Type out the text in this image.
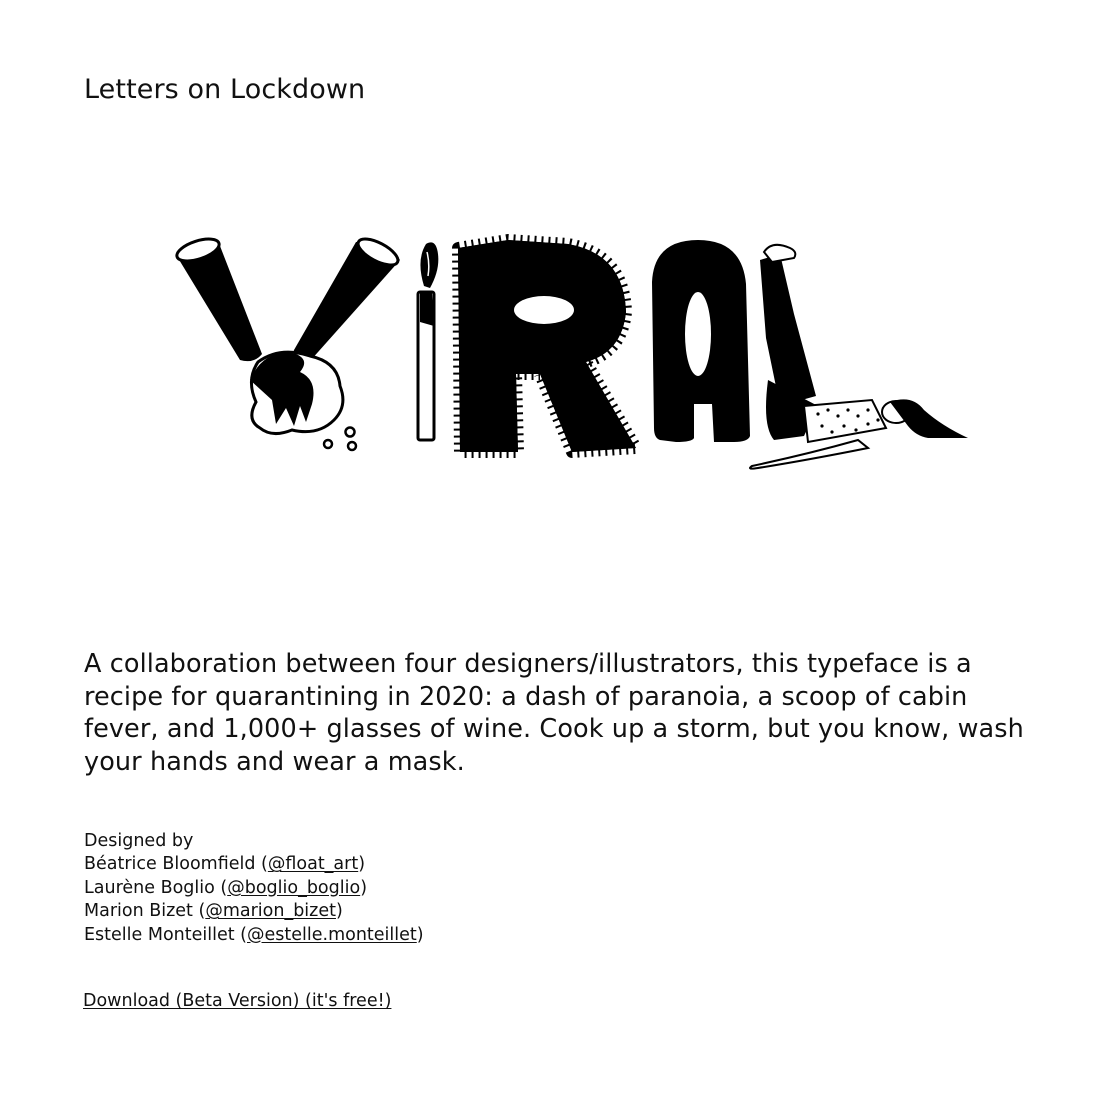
Letters on Lockdown

A collaboration between four designers/illustrators, this typeface is a recipe for quarantining in 2020: a dash of paranoia, a scoop of cabin fever, and 1,000+ glasses of wine. Cook up a storm, but you know, wash your hands and wear a mask.

Designed by
Béatrice Bloomfield (@float_art)
Laurène Boglio (@boglio_boglio)
Marion Bizet (@marion_bizet)
Estelle Monteillet (@estelle.monteillet)
Download (Beta Version) (it's free!)
